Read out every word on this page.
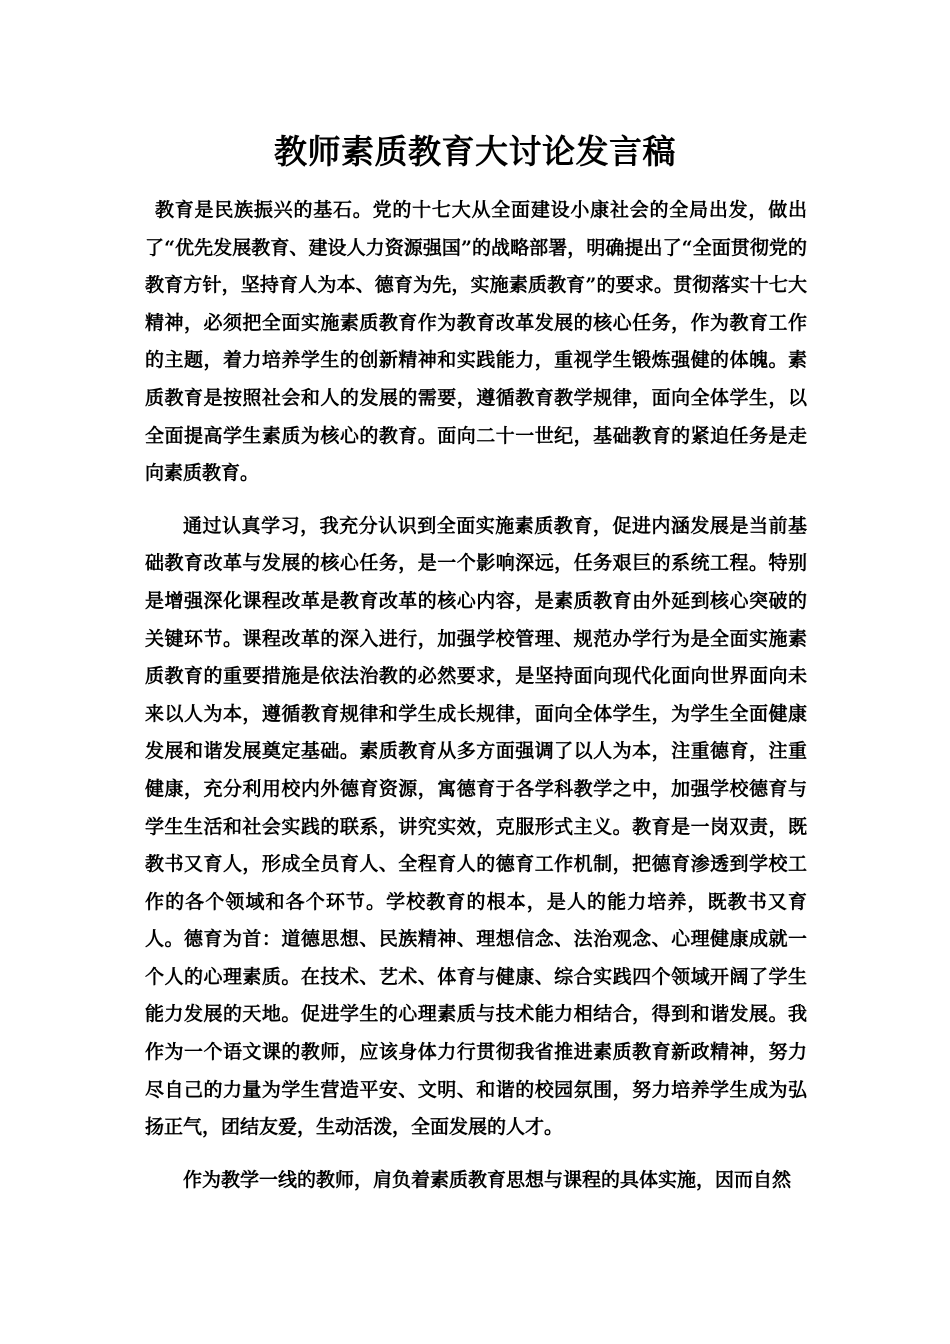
教师素质教育大讨论发言稿

教育是民族振兴的基石。党的十七大从全面建设小康社会的全局出发，做出了“优先发展教育、建设人力资源强国”的战略部署，明确提出了“全面贯彻党的教育方针，坚持育人为本、德育为先，实施素质教育”的要求。贯彻落实十七大精神，必须把全面实施素质教育作为教育改革发展的核心任务，作为教育工作的主题，着力培养学生的创新精神和实践能力，重视学生锻炼强健的体魄。素质教育是按照社会和人的发展的需要，遵循教育教学规律，面向全体学生，以全面提高学生素质为核心的教育。面向二十一世纪，基础教育的紧迫任务是走向素质教育。

通过认真学习，我充分认识到全面实施素质教育，促进内涵发展是当前基础教育改革与发展的核心任务，是一个影响深远，任务艰巨的系统工程。特别是增强深化课程改革是教育改革的核心内容，是素质教育由外延到核心突破的关键环节。课程改革的深入进行，加强学校管理、规范办学行为是全面实施素质教育的重要措施是依法治教的必然要求，是坚持面向现代化面向世界面向未来以人为本，遵循教育规律和学生成长规律，面向全体学生，为学生全面健康发展和谐发展奠定基础。素质教育从多方面强调了以人为本，注重德育，注重健康，充分利用校内外德育资源，寓德育于各学科教学之中，加强学校德育与学生生活和社会实践的联系，讲究实效，克服形式主义。教育是一岗双责，既教书又育人，形成全员育人、全程育人的德育工作机制，把德育渗透到学校工作的各个领域和各个环节。学校教育的根本，是人的能力培养，既教书又育人。德育为首：道德思想、民族精神、理想信念、法治观念、心理健康成就一个人的心理素质。在技术、艺术、体育与健康、综合实践四个领域开阔了学生能力发展的天地。促进学生的心理素质与技术能力相结合，得到和谐发展。我作为一个语文课的教师，应该身体力行贯彻我省推进素质教育新政精神，努力尽自己的力量为学生营造平安、文明、和谐的校园氛围，努力培养学生成为弘扬正气，团结友爱，生动活泼，全面发展的人才。

作为教学一线的教师，肩负着素质教育思想与课程的具体实施，因而自然
